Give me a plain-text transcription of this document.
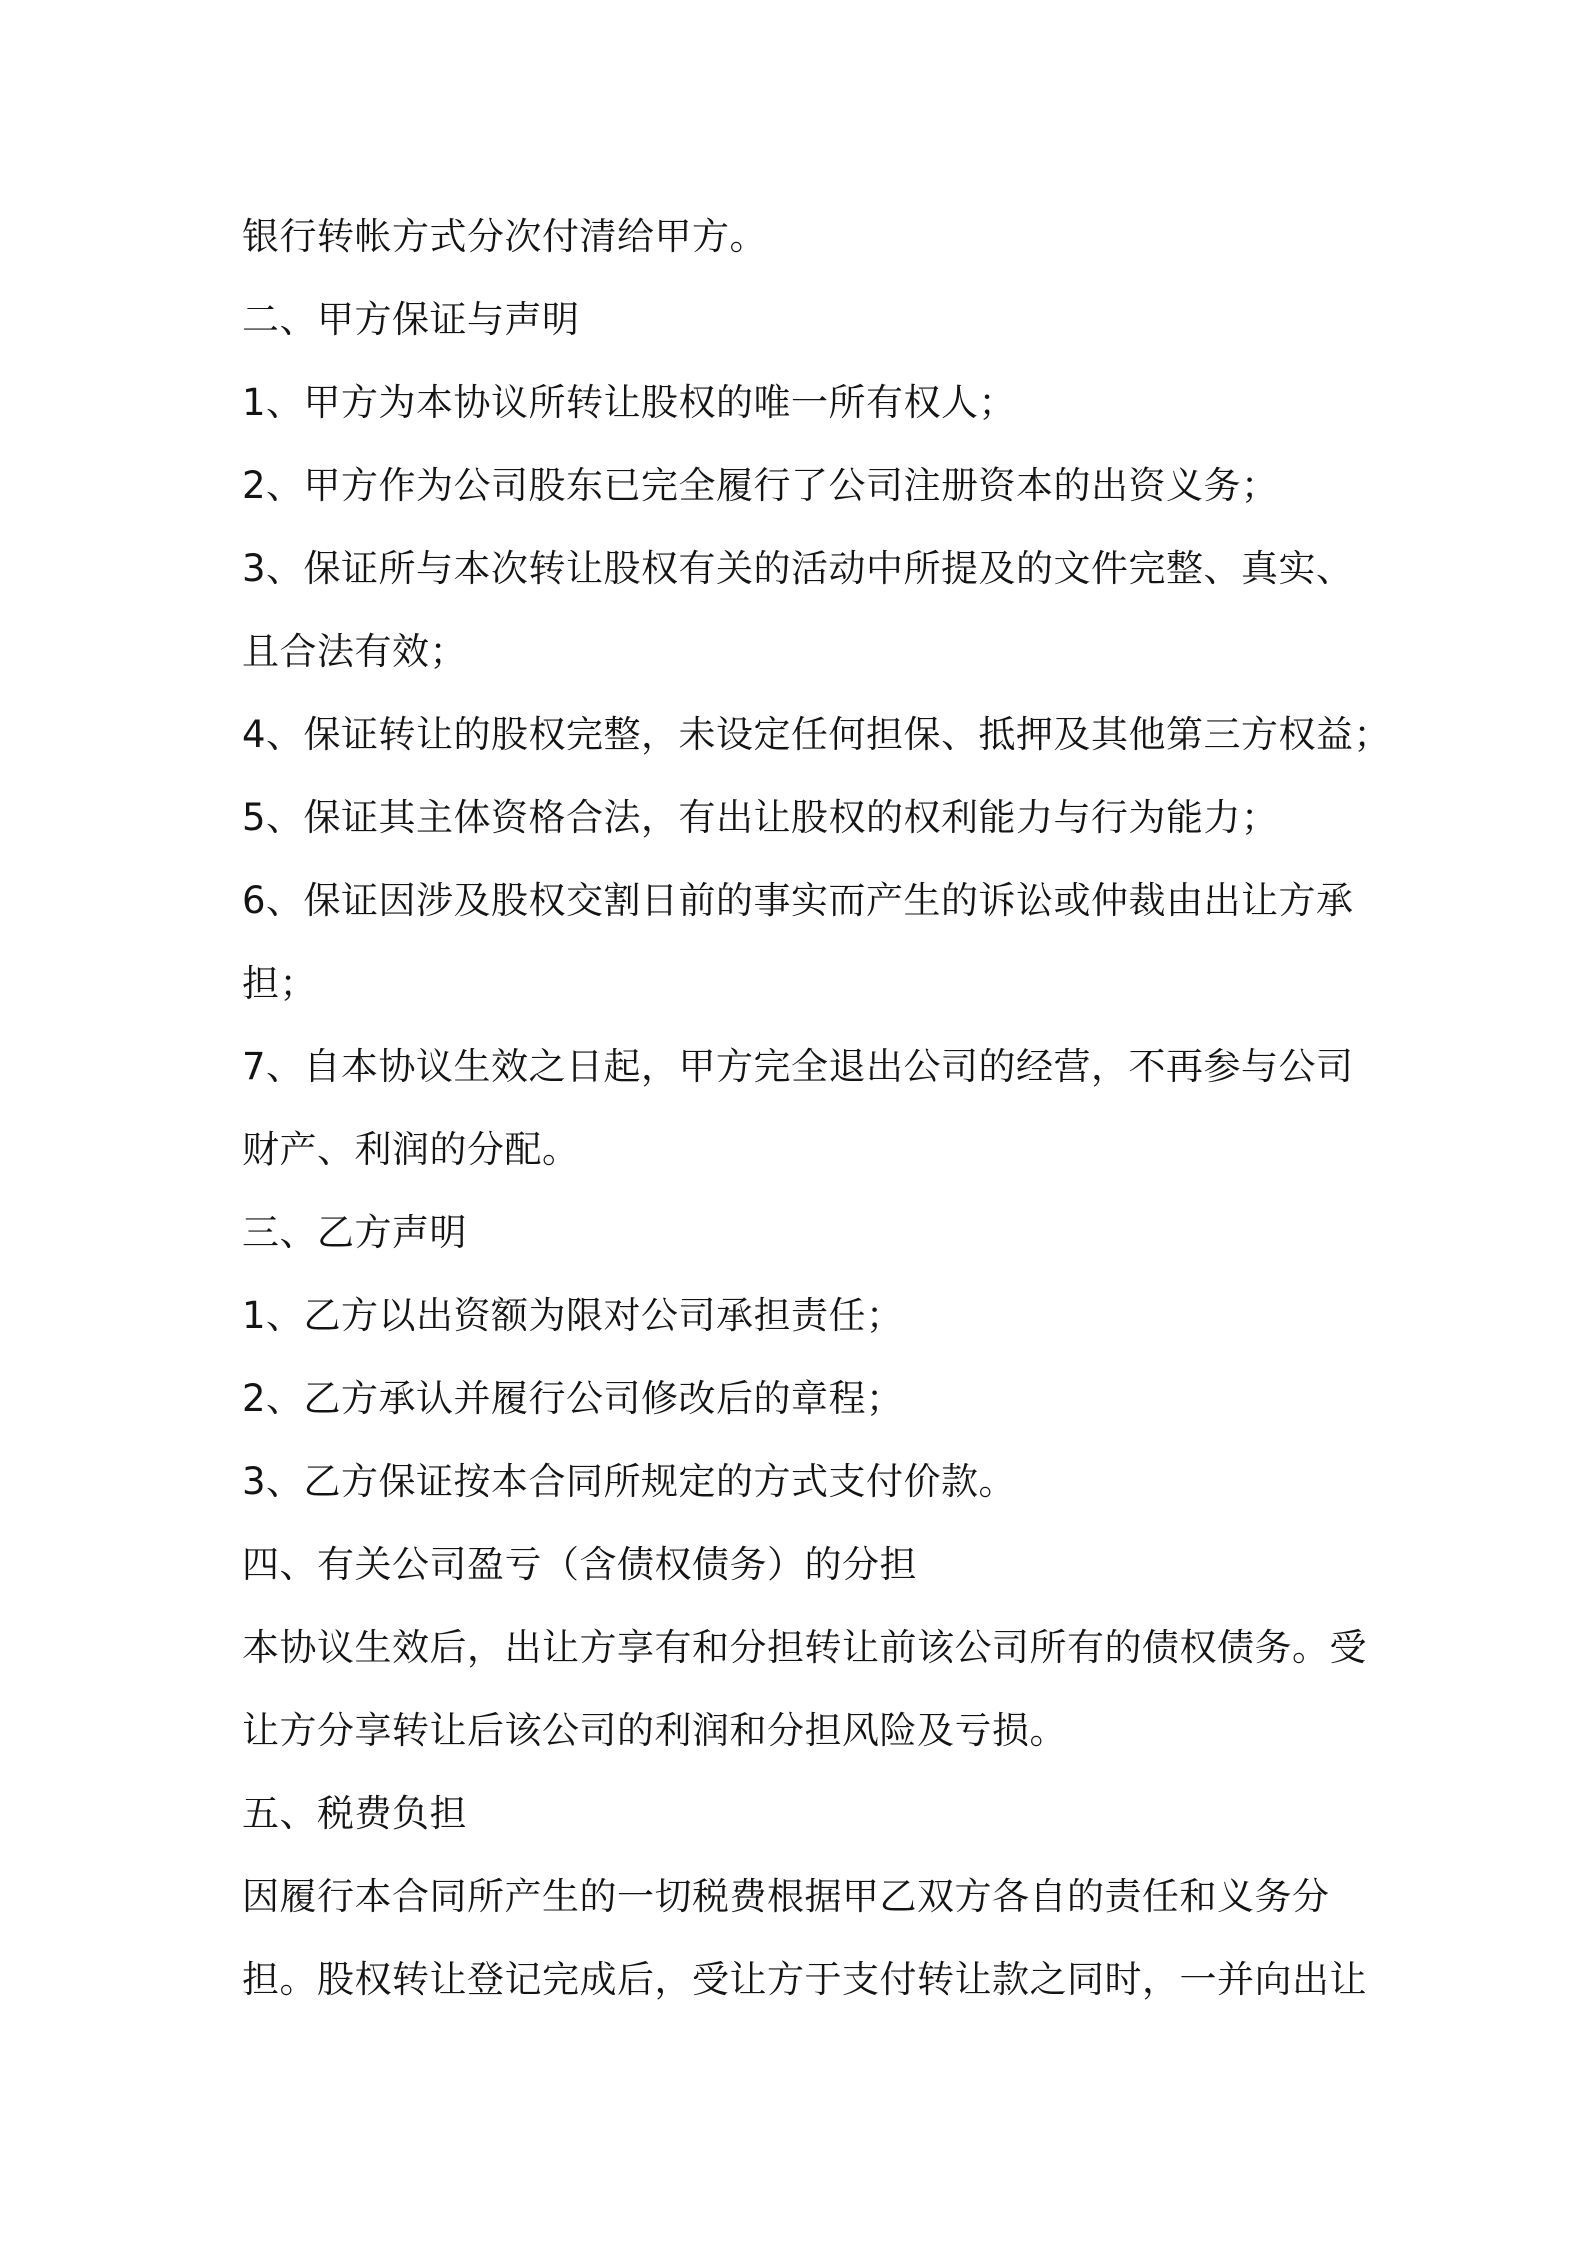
银行转帐方式分次付清给甲方。
二、甲方保证与声明
1、甲方为本协议所转让股权的唯一所有权人；
2、甲方作为公司股东已完全履行了公司注册资本的出资义务；
3、保证所与本次转让股权有关的活动中所提及的文件完整、真实、
且合法有效；
4、保证转让的股权完整，未设定任何担保、抵押及其他第三方权益；
5、保证其主体资格合法，有出让股权的权利能力与行为能力；
6、保证因涉及股权交割日前的事实而产生的诉讼或仲裁由出让方承
担；
7、自本协议生效之日起，甲方完全退出公司的经营，不再参与公司
财产、利润的分配。
三、乙方声明
1、乙方以出资额为限对公司承担责任；
2、乙方承认并履行公司修改后的章程；
3、乙方保证按本合同所规定的方式支付价款。
四、有关公司盈亏（含债权债务）的分担
本协议生效后，出让方享有和分担转让前该公司所有的债权债务。受
让方分享转让后该公司的利润和分担风险及亏损。
五、税费负担
因履行本合同所产生的一切税费根据甲乙双方各自的责任和义务分
担。股权转让登记完成后，受让方于支付转让款之同时，一并向出让
